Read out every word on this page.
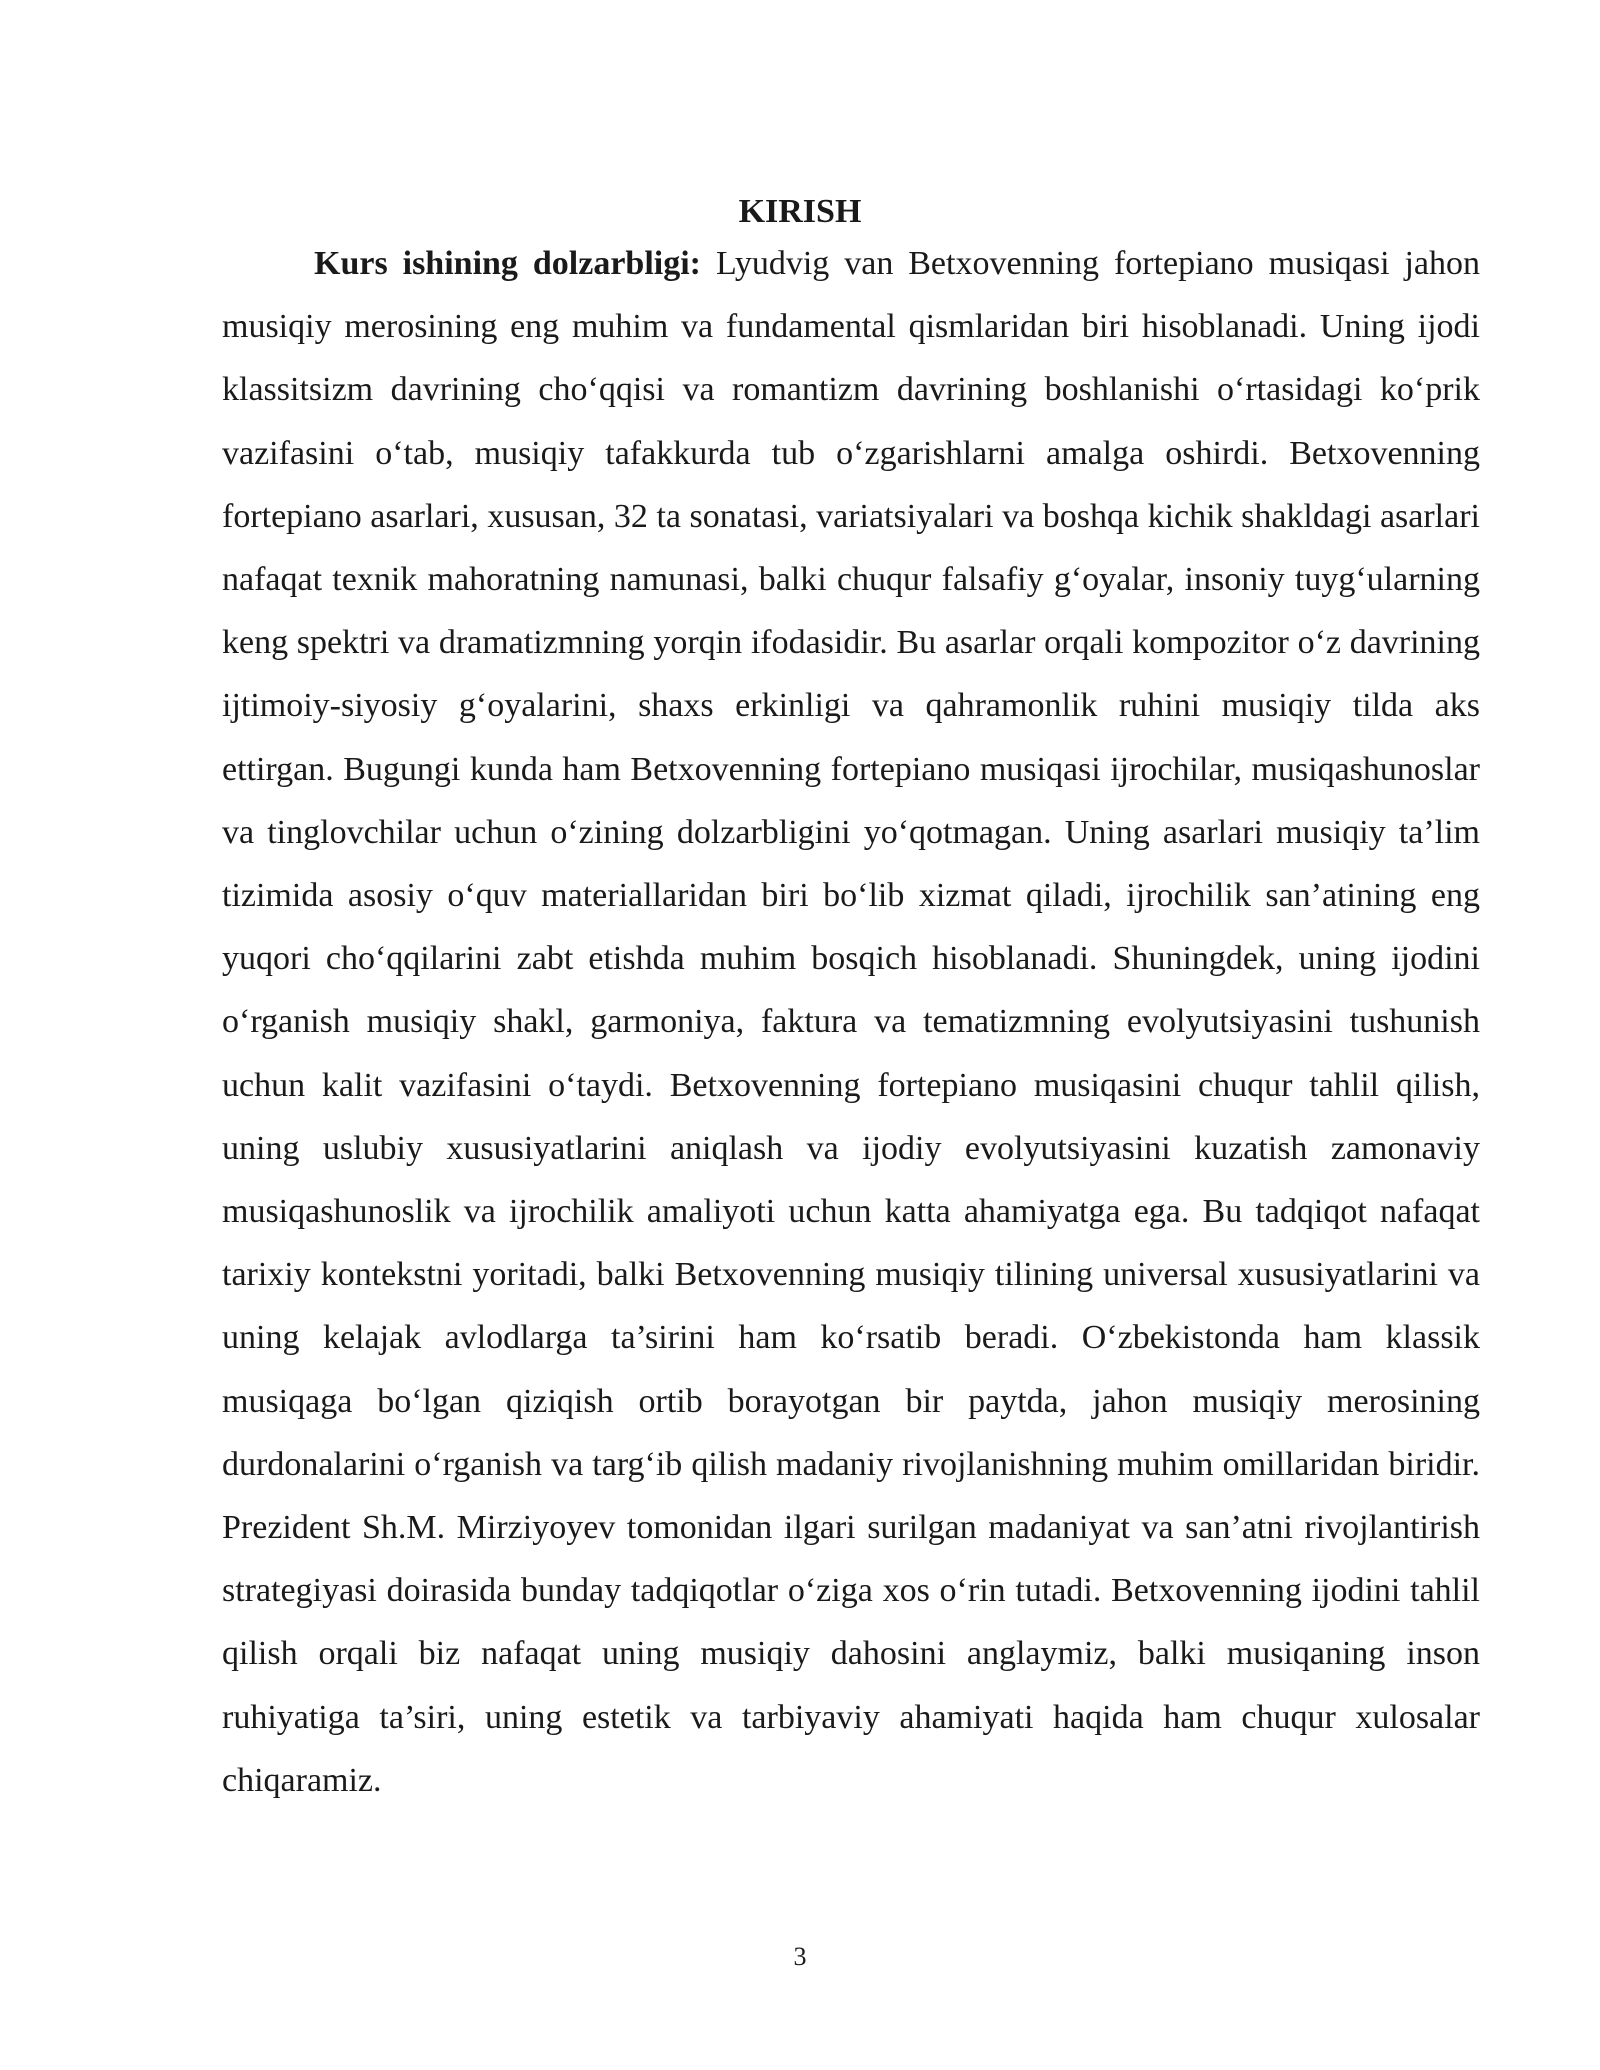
KIRISH

Kurs ishining dolzarbligi: Lyudvig van Betxovenning fortepiano musiqasi jahon musiqiy merosining eng muhim va fundamental qismlaridan biri hisoblanadi. Uning ijodi klassitsizm davrining cho‘qqisi va romantizm davrining boshlanishi o‘rtasidagi ko‘prik vazifasini o‘tab, musiqiy tafakkurda tub o‘zgarishlarni amalga oshirdi. Betxovenning fortepiano asarlari, xususan, 32 ta sonatasi, variatsiyalari va boshqa kichik shakldagi asarlari nafaqat texnik mahoratning namunasi, balki chuqur falsafiy g‘oyalar, insoniy tuyg‘ularning keng spektri va dramatizmning yorqin ifodasidir. Bu asarlar orqali kompozitor o‘z davrining ijtimoiy-siyosiy g‘oyalarini, shaxs erkinligi va qahramonlik ruhini musiqiy tilda aks ettirgan. Bugungi kunda ham Betxovenning fortepiano musiqasi ijrochilar, musiqashunoslar va tinglovchilar uchun o‘zining dolzarbligini yo‘qotmagan. Uning asarlari musiqiy ta’lim tizimida asosiy o‘quv materiallaridan biri bo‘lib xizmat qiladi, ijrochilik san’atining eng yuqori cho‘qqilarini zabt etishda muhim bosqich hisoblanadi. Shuningdek, uning ijodini o‘rganish musiqiy shakl, garmoniya, faktura va tematizmning evolyutsiyasini tushunish uchun kalit vazifasini o‘taydi. Betxovenning fortepiano musiqasini chuqur tahlil qilish, uning uslubiy xususiyatlarini aniqlash va ijodiy evolyutsiyasini kuzatish zamonaviy musiqashunoslik va ijrochilik amaliyoti uchun katta ahamiyatga ega. Bu tadqiqot nafaqat tarixiy kontekstni yoritadi, balki Betxovenning musiqiy tilining universal xususiyatlarini va uning kelajak avlodlarga ta’sirini ham ko‘rsatib beradi. O‘zbekistonda ham klassik musiqaga bo‘lgan qiziqish ortib borayotgan bir paytda, jahon musiqiy merosining durdonalarini o‘rganish va targ‘ib qilish madaniy rivojlanishning muhim omillaridan biridir. Prezident Sh.M. Mirziyoyev tomonidan ilgari surilgan madaniyat va san’atni rivojlantirish strategiyasi doirasida bunday tadqiqotlar o‘ziga xos o‘rin tutadi. Betxovenning ijodini tahlil qilish orqali biz nafaqat uning musiqiy dahosini anglaymiz, balki musiqaning inson ruhiyatiga ta’siri, uning estetik va tarbiyaviy ahamiyati haqida ham chuqur xulosalar chiqaramiz.

3
